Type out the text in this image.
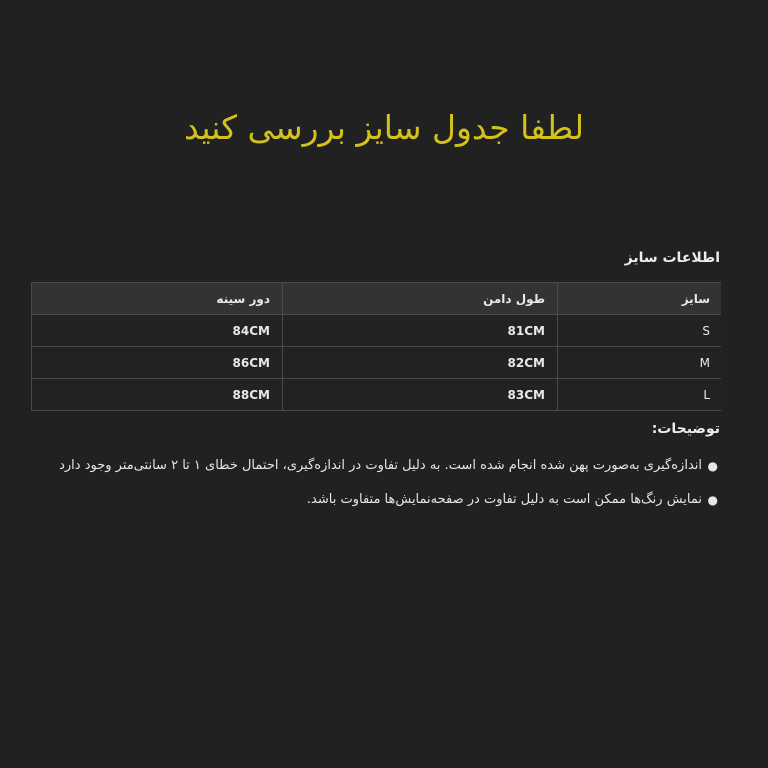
لطفا جدول سایز بررسی کنید
اطلاعات سایز
سایز	طول دامن	دور سینه
S	81CM	84CM
M	82CM	86CM
L	83CM	88CM
توضیحات:
●
اندازه‌گیری به‌صورت پهن شده انجام شده است. به دلیل تفاوت در اندازه‌گیری، احتمال خطای ۱ تا ۲ سانتی‌متر وجود دارد
●
نمایش رنگ‌ها ممکن است به دلیل تفاوت در صفحه‌نمایش‌ها متفاوت باشد.
